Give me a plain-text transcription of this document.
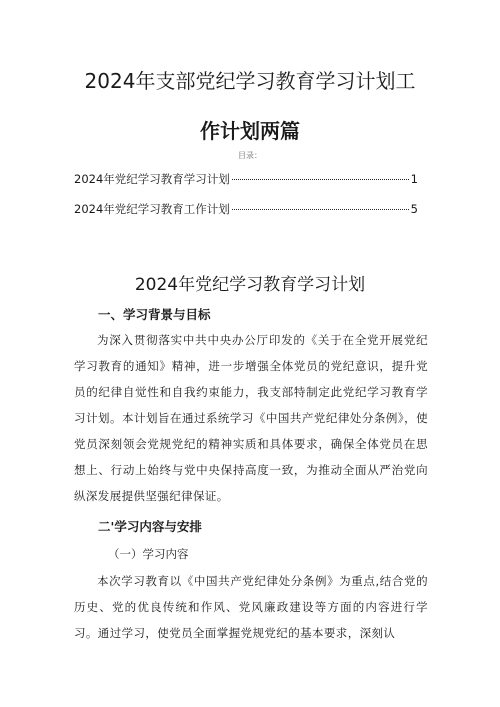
2024年支部党纪学习教育学习计划工
作计划两篇
目录：
2024年党纪学习教育学习计划	1
2024年党纪学习教育工作计划	5
2024年党纪学习教育学习计划
一、学习背景与目标
为深入贯彻落实中共中央办公厅印发的《关于在全党开展党纪学习教育的通知》精神，进一步增强全体党员的党纪意识，提升党员的纪律自觉性和自我约束能力，我支部特制定此党纪学习教育学习计划。本计划旨在通过系统学习《中国共产党纪律处分条例》，使党员深刻领会党规党纪的精神实质和具体要求，确保全体党员在思想上、行动上始终与党中央保持高度一致，为推动全面从严治党向纵深发展提供坚强纪律保证。
二'学习内容与安排
（一）学习内容
本次学习教育以《中国共产党纪律处分条例》为重点,结合党的历史、党的优良传统和作风、党风廉政建设等方面的内容进行学习。通过学习，使党员全面掌握党规党纪的基本要求，深刻认
